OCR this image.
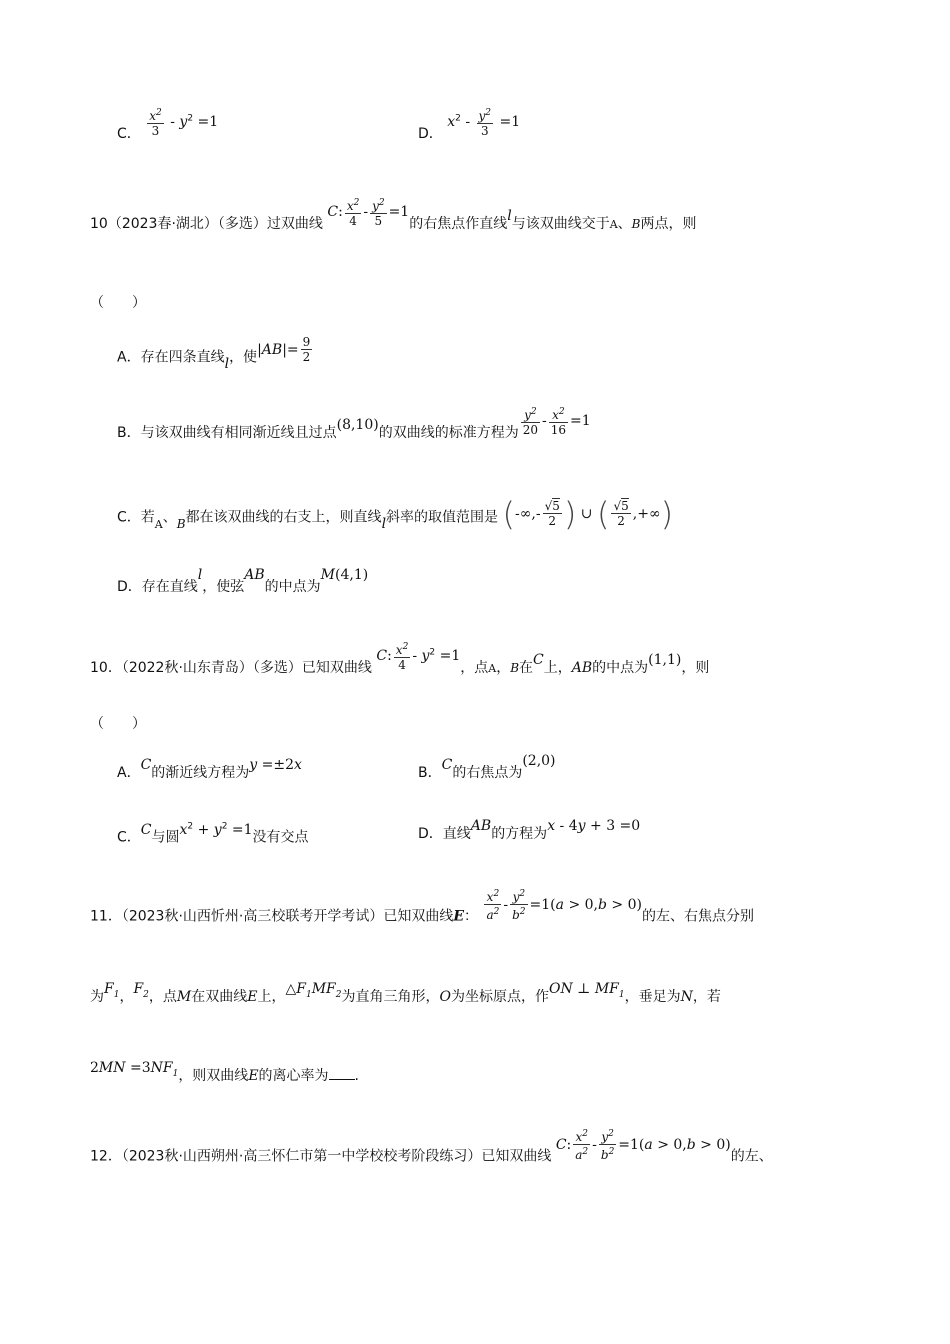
C． $\frac{x^2}{3} - y^2 =1$
D． $x^2 - \frac{y^2}{3} =1$
10（2023春·湖北）（多选）过双曲线 C: $\frac{x^2}{4} - \frac{y^2}{5} =1$的右焦点作直线l与该双曲线交于A、B两点，则
（　　）
A．存在四条直线l，使$|AB|= \frac{9}{2}$
B．与该双曲线有相同渐近线且过点(8,10)的双曲线的标准方程为 $\frac{y^2}{20} - \frac{x^2}{16} =1$
C．若$_A$、B都在该双曲线的右支上，则直线l斜率的取值范围是 (-∞,- $\frac{√5}{2}$ ) ∪ ( $\frac{√5}{2}$ ,+∞)
D．存在直线l，使弦AB的中点为M(4,1)
10．（2022秋·山东青岛）（多选）已知双曲线 C: $\frac{x^2}{4} - y^2 =1$，点A，B在C上，AB的中点为(1,1)，则
（　　）
A．C的渐近线方程为y =±2x	B．C的右焦点为(2,0)
C．C与圆$x^2 + y^2 =1$没有交点	D．直线AB的方程为x - 4y + 3 =0
11．（2023秋·山西忻州·高三校联考开学考试）已知双曲线E： $\frac{x^2}{a^2} - \frac{y^2}{b^2} =1(a > 0,b > 0)$的左、右焦点分别
为$F_1$，$F_2$，点M在双曲线E上，$\triangle F_1MF_2$为直角三角形，O为坐标原点，作ON ⊥ $MF_1$，垂足为N，若
$2MN =3NF_1$，则双曲线E的离心率为 .
12．（2023秋·山西朔州·高三怀仁市第一中学校校考阶段练习）已知双曲线 C: $\frac{x^2}{a^2} - \frac{y^2}{b^2} =1(a > 0,b > 0)$的左、
